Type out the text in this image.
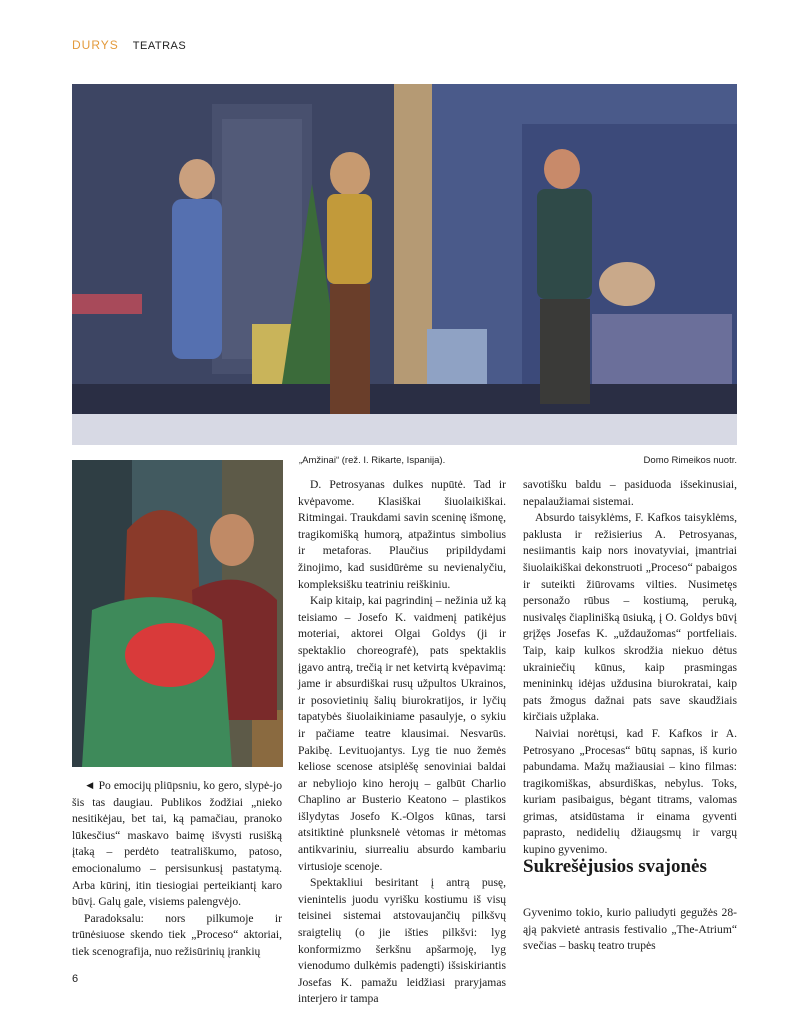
DURYS TEATRAS
„Amžinai“ (rež. I. Rikarte, Ispanija).	Domo Rimeikos nuotr.

◄ Po emocijų pliūpsniu, ko gero, slypė-jo šis tas daugiau. Publikos žodžiai „nieko nesitikėjau, bet tai, ką pamačiau, pranoko lūkesčius“ maskavo baimę išvysti rusišką įtaką – perdėto teatrališkumo, patoso, emocionalumo – persisunkusį pastatymą. Arba kūrinį, itin tiesiogiai perteikiantį karo būvį. Galų gale, visiems palengvėjo.

Paradoksalu: nors pilkumoje ir trūnėsiuose skendo tiek „Proceso“ aktoriai, tiek scenografija, nuo režisūrinių įrankių

D. Petrosyanas dulkes nupūtė. Tad ir kvėpavome. Klasiškai šiuolaikiškai. Ritmingai. Traukdami savin sceninę išmonę, tragikomišką humorą, atpažintus simbolius ir metaforas. Plaučius pripildydami žinojimo, kad susidūrėme su nevienalyčiu, kompleksišku teatriniu reiškiniu.

Kaip kitaip, kai pagrindinį – nežinia už ką teisiamo – Josefo K. vaidmenį patikėjus moteriai, aktorei Olgai Goldys (ji ir spektaklio choreografė), pats spektaklis įgavo antrą, trečią ir net ketvirtą kvėpavimą: jame ir absurdiškai rusų užpultos Ukrainos, ir posovietinių šalių biurokratijos, ir lyčių tapatybės šiuolaikiniame pasaulyje, o sykiu ir pačiame teatre klausimai. Nesvarūs. Pakibę. Levituojantys. Lyg tie nuo žemės keliose scenose atsiplėšę senoviniai baldai ar nebyliojo kino herojų – galbūt Charlio Chaplino ar Busterio Keatono – plastikos išlydytas Josefo K.-Olgos kūnas, tarsi atsitiktinė plunksnelė vėtomas ir mėtomas antikvariniu, siurrealiu absurdo kambariu virtusioje scenoje.

Spektakliui besiritant į antrą pusę, vienintelis juodu vyrišku kostiumu iš visų teisinei sistemai atstovaujančių pilkšvų sraigtelių (o jie išties pilkšvi: lyg konformizmo šerkšnu apšarmoję, lyg vienodumo dulkėmis padengti) išsiskiriantis Josefas K. pamažu leidžiasi praryjamas interjero ir tampa

savotišku baldu – pasiduoda išsekinusiai, nepalaužiamai sistemai.

Absurdo taisyklėms, F. Kafkos taisyklėms, paklusta ir režisierius A. Petrosyanas, nesiimantis kaip nors inovatyviai, įmantriai šiuolaikiškai dekonstruoti „Proceso“ pabaigos ir suteikti žiūrovams vilties. Nusimetęs personažo rūbus – kostiumą, peruką, nusivalęs čiaplinišką ūsiuką, į O. Goldys būvį grįžęs Josefas K. „uždaužomas“ portfeliais. Taip, kaip kulkos skrodžia niekuo dėtus ukrainiečių kūnus, kaip prasmingas menininkų idėjas uždusina biurokratai, kaip pats žmogus dažnai pats save skaudžiais kirčiais užplaka.

Naiviai norėtųsi, kad F. Kafkos ir A. Petrosyano „Procesas“ būtų sapnas, iš kurio pabundama. Mažų mažiausiai – kino filmas: tragikomiškas, absurdiškas, nebylus. Toks, kuriam pasibaigus, bėgant titrams, valomas grimas, atsidūstama ir einama gyventi paprasto, nedidelių džiaugsmų ir vargų kupino gyvenimo.

Sukrešėjusios svajonės

Gyvenimo tokio, kurio paliudyti gegužės 28-ąją pakvietė antrasis festivalio „The-Atrium“ svečias – baskų teatro trupės

6
